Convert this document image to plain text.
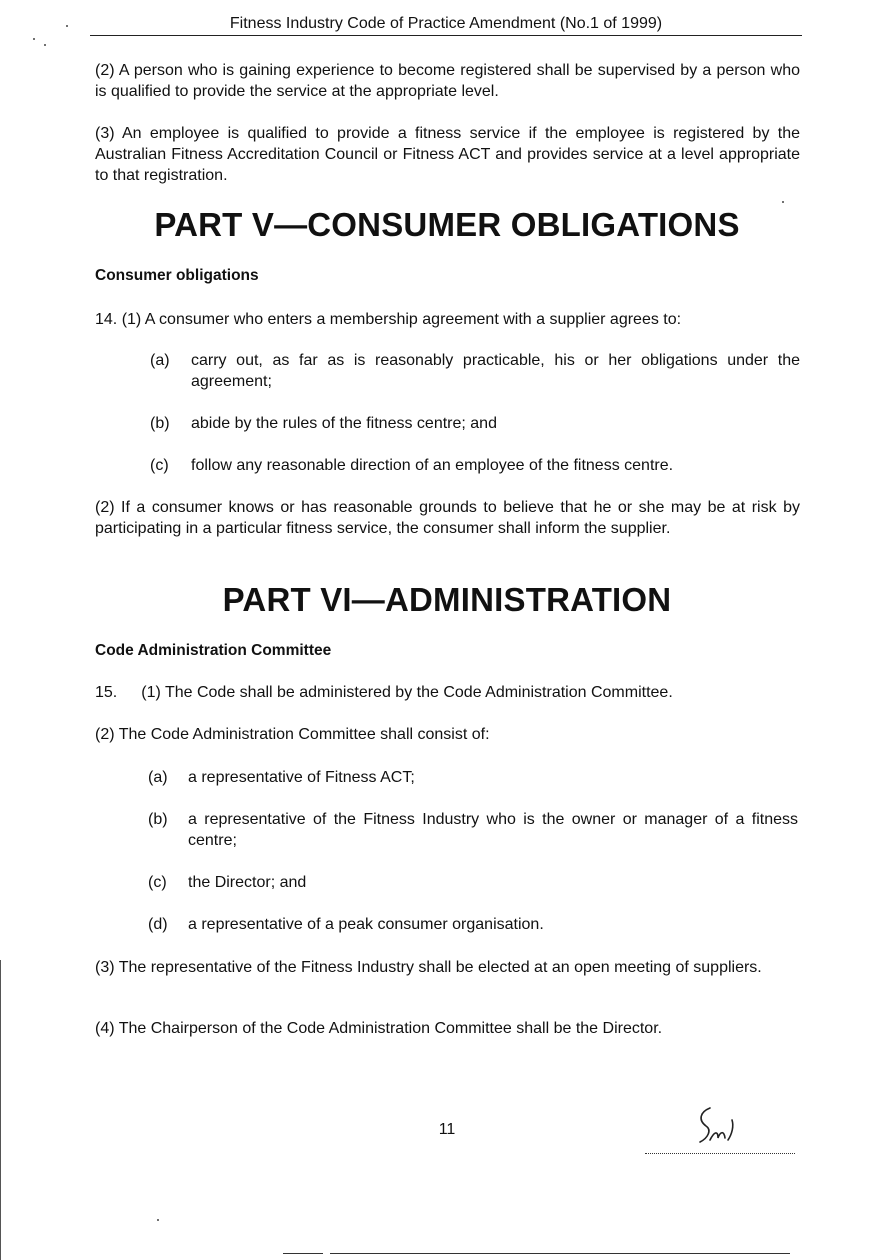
Fitness Industry Code of Practice Amendment (No.1 of 1999)

(2) A person who is gaining experience to become registered shall be supervised by a person who is qualified to provide the service at the appropriate level.

(3) An employee is qualified to provide a fitness service if the employee is registered by the Australian Fitness Accreditation Council or Fitness ACT and provides service at a level appropriate to that registration.

PART V—CONSUMER OBLIGATIONS
Consumer obligations

14. (1) A consumer who enters a membership agreement with a supplier agrees to:

(a) carry out, as far as is reasonably practicable, his or her obligations under the agreement;
(b) abide by the rules of the fitness centre; and
(c) follow any reasonable direction of an employee of the fitness centre.

(2) If a consumer knows or has reasonable grounds to believe that he or she may be at risk by participating in a particular fitness service, the consumer shall inform the supplier.

PART VI—ADMINISTRATION
Code Administration Committee

15.  (1) The Code shall be administered by the Code Administration Committee.

(2) The Code Administration Committee shall consist of:

(a) a representative of Fitness ACT;
(b) a representative of the Fitness Industry who is the owner or manager of a fitness centre;
(c) the Director; and
(d) a representative of a peak consumer organisation.

(3) The representative of the Fitness Industry shall be elected at an open meeting of suppliers.

(4) The Chairperson of the Code Administration Committee shall be the Director.

11
